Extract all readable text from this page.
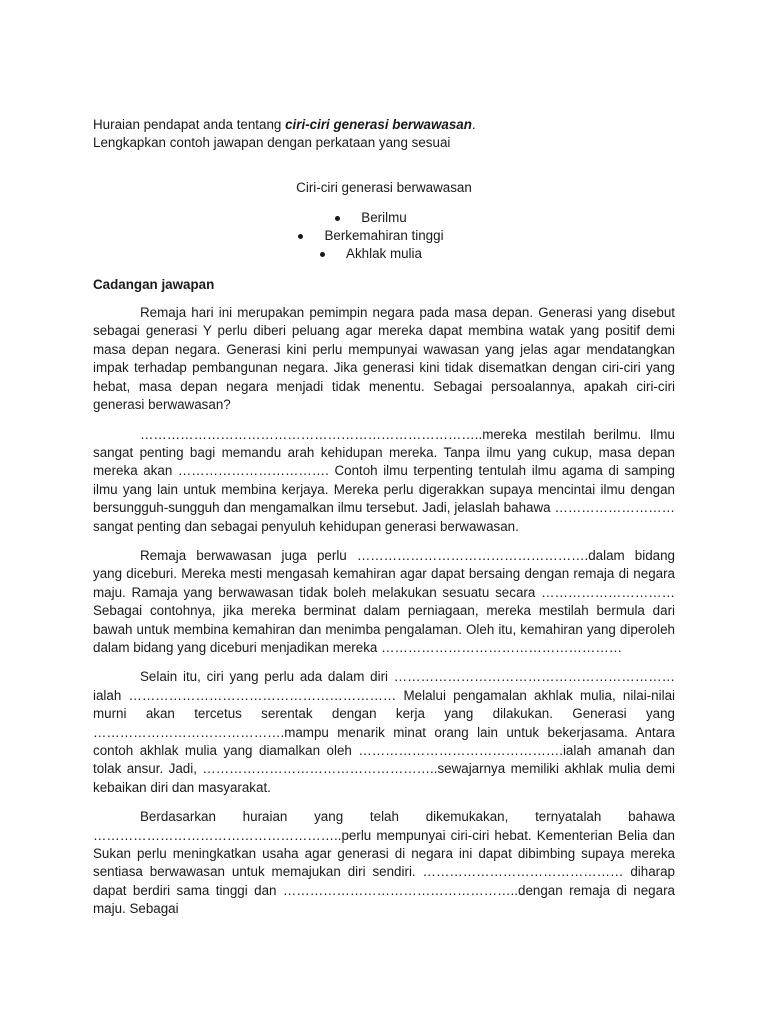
Huraian pendapat anda tentang ciri-ciri generasi berwawasan.

Lengkapkan contoh jawapan dengan perkataan yang sesuai

Ciri-ciri generasi berwawasan
Berilmu
Berkemahiran tinggi
Akhlak mulia
Cadangan jawapan

Remaja hari ini merupakan pemimpin negara pada masa depan. Generasi yang disebut sebagai generasi Y perlu diberi peluang agar mereka dapat membina watak yang positif demi masa depan negara. Generasi kini perlu mempunyai wawasan yang jelas agar mendatangkan impak terhadap pembangunan negara. Jika generasi kini tidak disematkan dengan ciri-ciri yang hebat, masa depan negara menjadi tidak menentu. Sebagai persoalannya, apakah ciri-ciri generasi berwawasan?

…………………………………………………………………..mereka mestilah berilmu. Ilmu sangat penting bagi memandu arah kehidupan mereka. Tanpa ilmu yang cukup, masa depan mereka akan ……………………………. Contoh ilmu terpenting tentulah ilmu agama di samping ilmu yang lain untuk membina kerjaya. Mereka perlu digerakkan supaya mencintai ilmu dengan bersungguh-sungguh dan mengamalkan ilmu tersebut. Jadi, jelaslah bahawa ……………………… sangat penting dan sebagai penyuluh kehidupan generasi berwawasan.

Remaja berwawasan juga perlu …………………………………………….dalam bidang yang diceburi. Mereka mesti mengasah kemahiran agar dapat bersaing dengan remaja di negara maju. Ramaja yang berwawasan tidak boleh melakukan sesuatu secara ………………………… Sebagai contohnya, jika mereka berminat dalam perniagaan, mereka mestilah bermula dari bawah untuk membina kemahiran dan menimba pengalaman. Oleh itu, kemahiran yang diperoleh dalam bidang yang diceburi menjadikan mereka ………………………………………………

Selain itu, ciri yang perlu ada dalam diri ……………………………………………………… ialah …………………………………………………… Melalui pengamalan akhlak mulia, nilai-nilai murni akan tercetus serentak dengan kerja yang dilakukan. Generasi yang …………………………………….mampu menarik minat orang lain untuk bekerjasama. Antara contoh akhlak mulia yang diamalkan oleh ……………………………………….ialah amanah dan tolak ansur. Jadi, ……………………………………………..sewajarnya memiliki akhlak mulia demi kebaikan diri dan masyarakat.

Berdasarkan huraian yang telah dikemukakan, ternyatalah bahawa ………………………………………………..perlu mempunyai ciri-ciri hebat. Kementerian Belia dan Sukan perlu meningkatkan usaha agar generasi di negara ini dapat dibimbing supaya mereka sentiasa berwawasan untuk memajukan diri sendiri. ……………………………………… diharap dapat berdiri sama tinggi dan ……………………………………………..dengan remaja di negara maju. Sebagai
